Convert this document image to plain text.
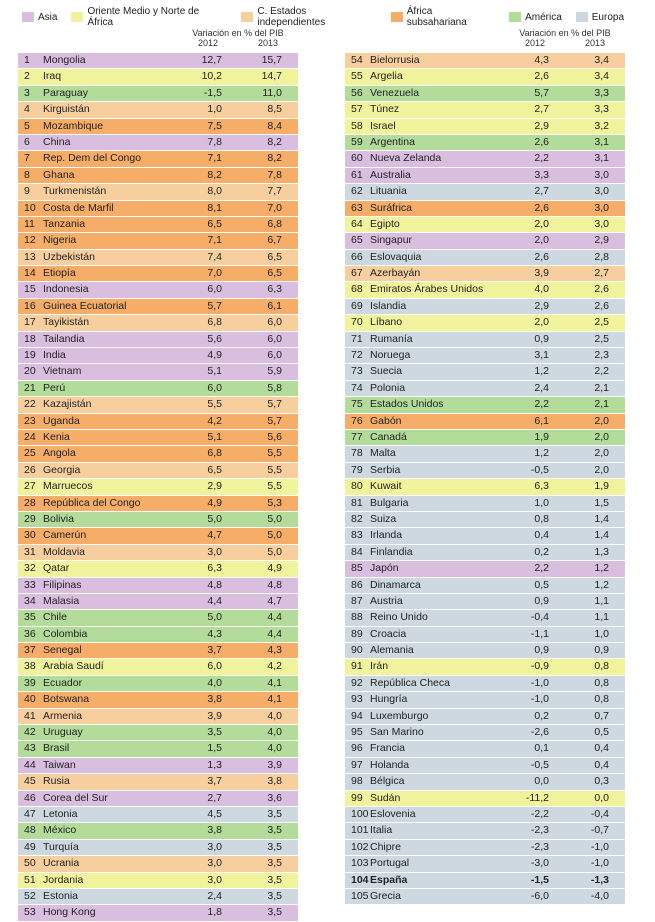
Asia	Oriente Medio y Norte de África
C. Estados independientes
África subsahariana	América	Europa
Variación en % del PIB
2012	2013
Variación en % del PIB
2012	2013
1	Mongolia	12,7	15,7
2	Iraq	10,2	14,7
3	Paraguay	-1,5	11,0
4	Kirguistán	1,0	8,5
5	Mozambique	7,5	8,4
6	China	7,8	8,2
7	Rep. Dem del Congo	7,1	8,2
8	Ghana	8,2	7,8
9	Turkmenistán	8,0	7,7
10 Costa de Marfil	8,1	7,0
11 Tanzania	6,5	6,8
12 Nigeria	7,1	6,7
13 Uzbekistán	7,4	6,5
14 Etiopía	7,0	6,5
15 Indonesia	6,0	6,3
16 Guinea Ecuatorial	5,7	6,1
17 Tayikistán	6,8	6,0
18 Tailandia	5,6	6,0
19 India	4,9	6,0
20 Vietnam	5,1	5,9
21 Perú	6,0	5,8
22 Kazajistán	5,5	5,7
23 Uganda	4,2	5,7
24 Kenia	5,1	5,6
25 Angola	6,8	5,5
26 Georgia	6,5	5,5
27 Marruecos	2,9	5,5
28 República del Congo	4,9	5,3
29 Bolivia	5,0	5,0
30 Camerún	4,7	5,0
31 Moldavia	3,0	5,0
32 Qatar	6,3	4,9
33 Filipinas	4,8	4,8
34 Malasia	4,4	4,7
35 Chile	5,0	4,4
36 Colombia	4,3	4,4
37 Senegal	3,7	4,3
38 Arabia Saudí	6,0	4,2
39 Ecuador	4,0	4,1
40 Botswana	3,8	4,1
41 Armenia	3,9	4,0
42 Uruguay	3,5	4,0
43 Brasil	1,5	4,0
44 Taiwan	1,3	3,9
45 Rusia	3,7	3,8
46 Corea del Sur	2,7	3,6
47 Letonia	4,5	3,5
48 México	3,8	3,5
49 Turquía	3,0	3,5
50 Ucrania	3,0	3,5
51 Jordania	3,0	3,5
52 Estonia	2,4	3,5
53 Hong Kong	1,8	3,5
54 Bielorrusia	4,3	3,4
55 Argelia	2,6	3,4
56 Venezuela	5,7	3,3
57 Túnez	2,7	3,3
58 Israel	2,9	3,2
59 Argentina	2,6	3,1
60 Nueva Zelanda	2,2	3,1
61 Australia	3,3	3,0
62 Lituania	2,7	3,0
63 Suráfrica	2,6	3,0
64 Egipto	2,0	3,0
65 Singapur	2,0	2,9
66 Eslovaquia	2,6	2,8
67 Azerbayán	3,9	2,7
68 Emiratos Árabes Unidos	4,0	2,6
69 Islandia	2,9	2,6
70 Líbano	2,0	2,5
71 Rumanía	0,9	2,5
72 Noruega	3,1	2,3
73 Suecia	1,2	2,2
74 Polonia	2,4	2,1
75 Estados Unidos	2,2	2,1
76 Gabón	6,1	2,0
77 Canadá	1,9	2,0
78 Malta	1,2	2,0
79 Serbia	-0,5	2,0
80 Kuwait	6,3	1,9
81 Bulgaria	1,0	1,5
82 Suiza	0,8	1,4
83 Irlanda	0,4	1,4
84 Finlandia	0,2	1,3
85 Japón	2,2	1,2
86 Dinamarca	0,5	1,2
87 Austria	0,9	1,1
88 Reino Unido	-0,4	1,1
89 Croacia	-1,1	1,0
90 Alemania	0,9	0,9
91 Irán	-0,9	0,8
92 República Checa	-1,0	0,8
93 Hungría	-1,0	0,8
94 Luxemburgo	0,2	0,7
95 San Marino	-2,6	0,5
96 Francia	0,1	0,4
97 Holanda	-0,5	0,4
98 Bélgica	0,0	0,3
99 Sudán	-11,2	0,0
100 Eslovenia	-2,2	-0,4
101 Italia	-2,3	-0,7
102 Chipre	-2,3	-1,0
103 Portugal	-3,0	-1,0
104 España	-1,5	-1,3
105 Grecia	-6,0	-4,0
